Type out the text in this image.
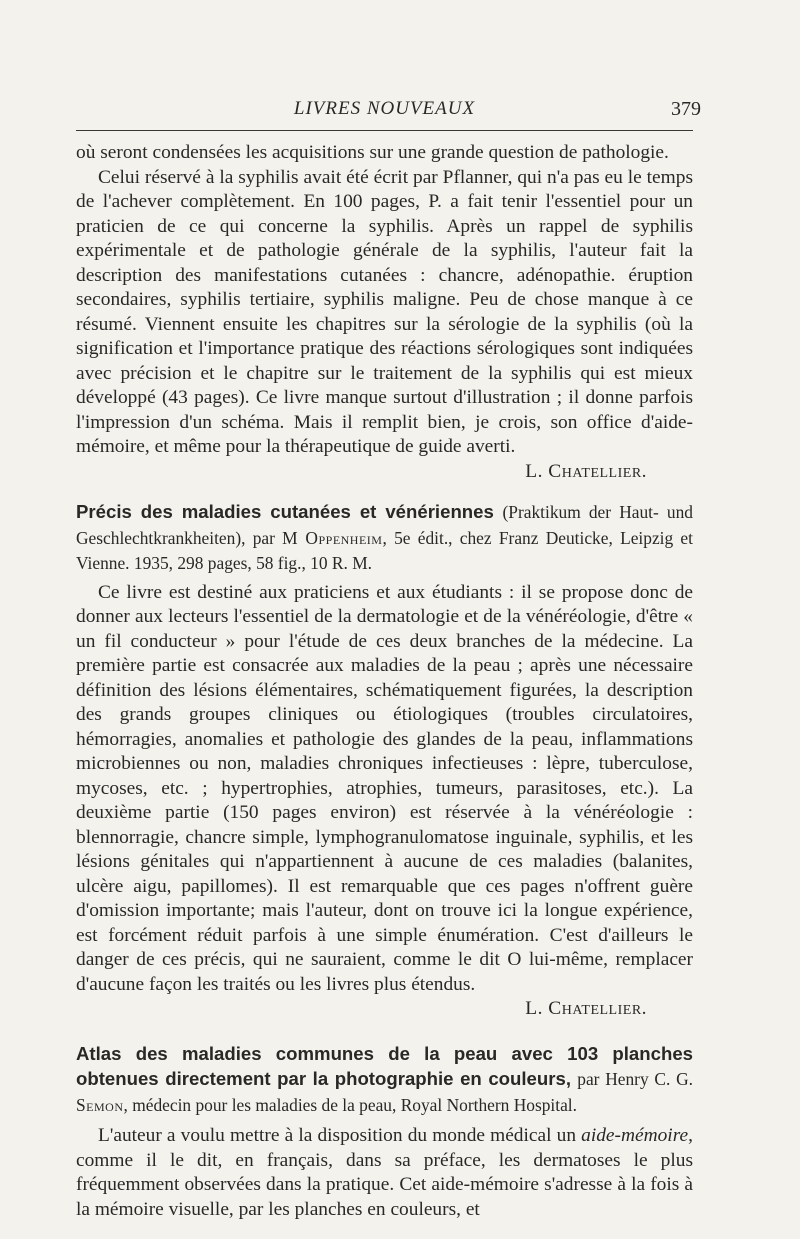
LIVRES NOUVEAUX	379

où seront condensées les acquisitions sur une grande question de pathologie.

Celui réservé à la syphilis avait été écrit par Pflanner, qui n'a pas eu le temps de l'achever complètement. En 100 pages, P. a fait tenir l'essentiel pour un praticien de ce qui concerne la syphilis. Après un rappel de syphilis expérimentale et de pathologie générale de la syphilis, l'auteur fait la description des manifestations cutanées : chancre, adénopathie. éruption secondaires, syphilis tertiaire, syphilis maligne. Peu de chose manque à ce résumé. Viennent ensuite les chapitres sur la sérologie de la syphilis (où la signification et l'importance pratique des réactions sérologiques sont indiquées avec précision et le chapitre sur le traitement de la syphilis qui est mieux développé (43 pages). Ce livre manque surtout d'illustration ; il donne parfois l'impression d'un schéma. Mais il remplit bien, je crois, son office d'aide-mémoire, et même pour la thérapeutique de guide averti.

L. Chatellier.

Précis des maladies cutanées et vénériennes (Praktikum der Haut- und Geschlechtkrankheiten), par M Oppenheim, 5e édit., chez Franz Deuticke, Leipzig et Vienne. 1935, 298 pages, 58 fig., 10 R. M.

Ce livre est destiné aux praticiens et aux étudiants : il se propose donc de donner aux lecteurs l'essentiel de la dermatologie et de la vénéréologie, d'être « un fil conducteur » pour l'étude de ces deux branches de la médecine. La première partie est consacrée aux maladies de la peau ; après une nécessaire définition des lésions élémentaires, schématiquement figurées, la description des grands groupes cliniques ou étiologiques (troubles circulatoires, hémorragies, anomalies et pathologie des glandes de la peau, inflammations microbiennes ou non, maladies chroniques infectieuses : lèpre, tuberculose, mycoses, etc. ; hypertrophies, atrophies, tumeurs, parasitoses, etc.). La deuxième partie (150 pages environ) est réservée à la vénéréologie : blennorragie, chancre simple, lymphogranulomatose inguinale, syphilis, et les lésions génitales qui n'appartiennent à aucune de ces maladies (balanites, ulcère aigu, papillomes). Il est remarquable que ces pages n'offrent guère d'omission importante; mais l'auteur, dont on trouve ici la longue expérience, est forcément réduit parfois à une simple énumération. C'est d'ailleurs le danger de ces précis, qui ne sauraient, comme le dit O lui-même, remplacer d'aucune façon les traités ou les livres plus étendus.

L. Chatellier.

Atlas des maladies communes de la peau avec 103 planches obtenues directement par la photographie en couleurs, par Henry C. G. Semon, médecin pour les maladies de la peau, Royal Northern Hospital.

L'auteur a voulu mettre à la disposition du monde médical un aide-mémoire, comme il le dit, en français, dans sa préface, les dermatoses le plus fréquemment observées dans la pratique. Cet aide-mémoire s'adresse à la fois à la mémoire visuelle, par les planches en couleurs, et
